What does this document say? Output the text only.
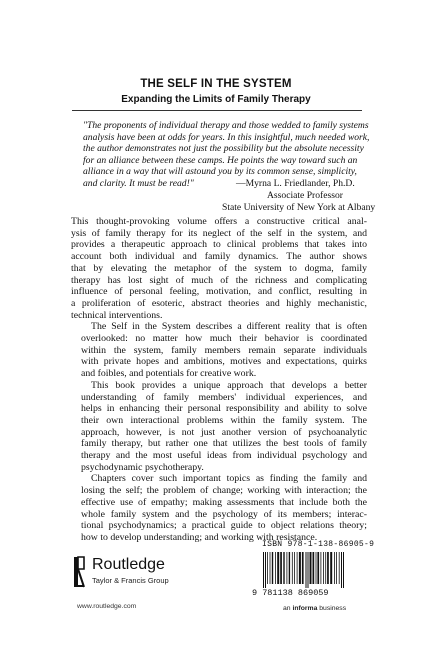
THE SELF IN THE SYSTEM
Expanding the Limits of Family Therapy
"The proponents of individual therapy and those wedded to family systems
analysis have been at odds for years. In this insightful, much needed work,
the author demonstrates not just the possibility but the absolute necessity
for an alliance between these camps. He points the way toward such an
alliance in a way that will astound you by its common sense, simplicity,
and clarity. It must be read!"	—Myrna L. Friedlander, Ph.D.
Associate Professor
State University of New York at Albany

This thought-provoking volume offers a constructive critical anal-
ysis of family therapy for its neglect of the self in the system, and
provides a therapeutic approach to clinical problems that takes into
account both individual and family dynamics. The author shows
that by elevating the metaphor of the system to dogma, family
therapy has lost sight of much of the richness and complicating
influence of personal feeling, motivation, and conflict, resulting in
a proliferation of esoteric, abstract theories and highly mechanistic,
technical interventions.

The Self in the System describes a different reality that is often
overlooked: no matter how much their behavior is coordinated
within the system, family members remain separate individuals
with private hopes and ambitions, motives and expectations, quirks
and foibles, and potentials for creative work.

This book provides a unique approach that develops a better
understanding of family members' individual experiences, and
helps in enhancing their personal responsibility and ability to solve
their own interactional problems within the family system. The
approach, however, is not just another version of psychoanalytic
family therapy, but rather one that utilizes the best tools of family
therapy and the most useful ideas from individual psychology and
psychodynamic psychotherapy.

Chapters cover such important topics as finding the family and
losing the self; the problem of change; working with interaction; the
effective use of empathy; making assessments that include both the
whole family system and the psychology of its members; interac-
tional psychodynamics; a practical guide to object relations theory;
how to develop understanding; and working with resistance.

Routledge
Taylor & Francis Group
www.routledge.com
ISBN 978-1-138-86905-9
9 781138 869059
an informa business
